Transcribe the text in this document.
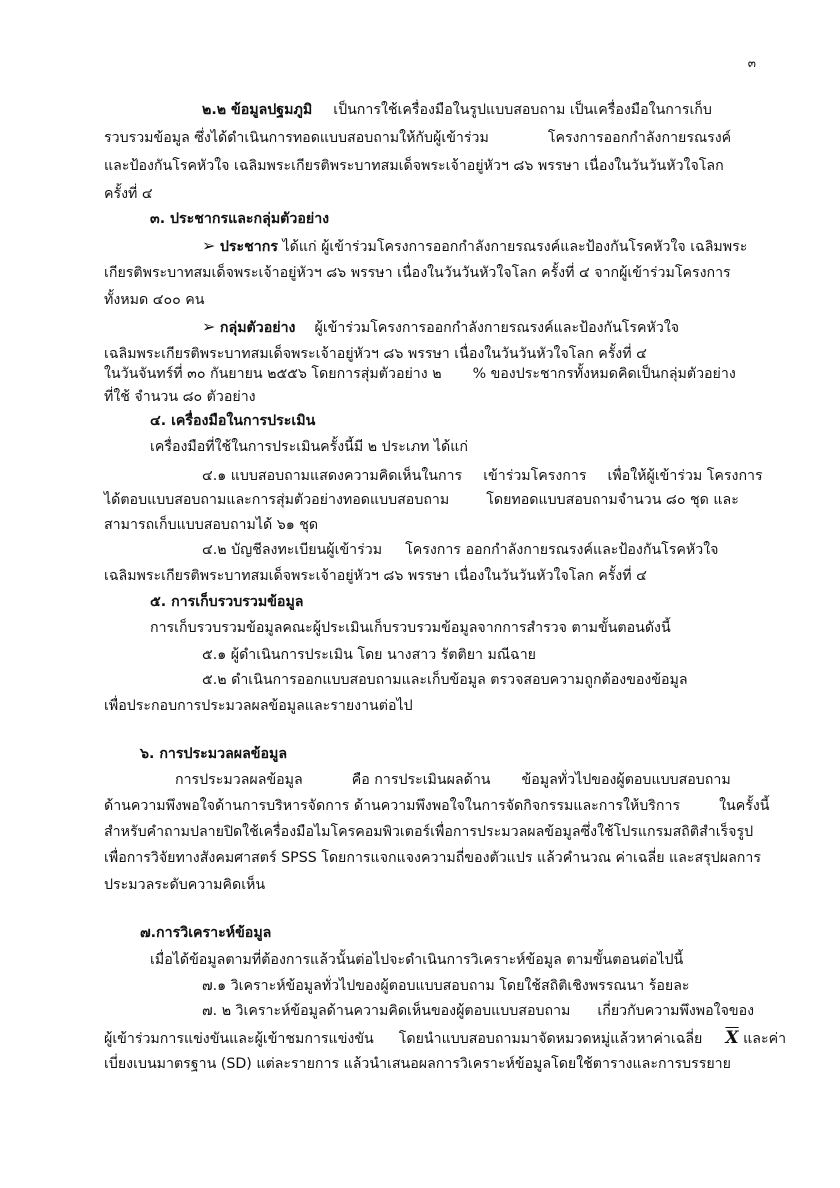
๓
๒.๒ ข้อมูลปฐมภูมิ เป็นการใช้เครื่องมือในรูปแบบสอบถาม เป็นเครื่องมือในการเก็บ
รวบรวมข้อมูล ซึ่งได้ดำเนินการทอดแบบสอบถามให้กับผู้เข้าร่วม	โครงการออกกำลังกายรณรงค์
และป้องกันโรคหัวใจ เฉลิมพระเกียรติพระบาทสมเด็จพระเจ้าอยู่หัวฯ ๘๖ พรรษา เนื่องในวันวันหัวใจโลก
ครั้งที่ ๔
๓. ประชากรและกลุ่มตัวอย่าง
➢ ประชากร ได้แก่ ผู้เข้าร่วมโครงการออกกำลังกายรณรงค์และป้องกันโรคหัวใจ เฉลิมพระ
เกียรติพระบาทสมเด็จพระเจ้าอยู่หัวฯ ๘๖ พรรษา เนื่องในวันวันหัวใจโลก ครั้งที่ ๔ จากผู้เข้าร่วมโครงการ
ทั้งหมด ๔๐๐ คน
➢ กลุ่มตัวอย่าง ผู้เข้าร่วมโครงการออกกำลังกายรณรงค์และป้องกันโรคหัวใจ
เฉลิมพระเกียรติพระบาทสมเด็จพระเจ้าอยู่หัวฯ ๘๖ พรรษา เนื่องในวันวันหัวใจโลก ครั้งที่ ๔
ในวันจันทร์ที่ ๓๐ กันยายน ๒๕๕๖ โดยการสุ่มตัวอย่าง ๒ % ของประชากรทั้งหมดคิดเป็นกลุ่มตัวอย่าง
ที่ใช้ จำนวน ๘๐ ตัวอย่าง
๔. เครื่องมือในการประเมิน
เครื่องมือที่ใช้ในการประเมินครั้งนี้มี ๒ ประเภท ได้แก่
๔.๑ แบบสอบถามแสดงความคิดเห็นในการ เข้าร่วมโครงการ เพื่อให้ผู้เข้าร่วม โครงการ
ได้ตอบแบบสอบถามและการสุ่มตัวอย่างทอดแบบสอบถาม	โดยทอดแบบสอบถามจำนวน ๘๐ ชุด และ
สามารถเก็บแบบสอบถามได้ ๖๑ ชุด
๔.๒ บัญชีลงทะเบียนผู้เข้าร่วม โครงการ ออกกำลังกายรณรงค์และป้องกันโรคหัวใจ
เฉลิมพระเกียรติพระบาทสมเด็จพระเจ้าอยู่หัวฯ ๘๖ พรรษา เนื่องในวันวันหัวใจโลก ครั้งที่ ๔
๕. การเก็บรวบรวมข้อมูล
การเก็บรวบรวมข้อมูลคณะผู้ประเมินเก็บรวบรวมข้อมูลจากการสำรวจ ตามขั้นตอนดังนี้
๕.๑ ผู้ดำเนินการประเมิน โดย นางสาว รัตติยา มณีฉาย
๕.๒ ดำเนินการออกแบบสอบถามและเก็บข้อมูล ตรวจสอบความถูกต้องของข้อมูล
เพื่อประกอบการประมวลผลข้อมูลและรายงานต่อไป
๖. การประมวลผลข้อมูล
การประมวลผลข้อมูล	คือ การประเมินผลด้าน ข้อมูลทั่วไปของผู้ตอบแบบสอบถาม
ด้านความพึงพอใจด้านการบริหารจัดการ ด้านความพึงพอใจในการจัดกิจกรรมและการให้บริการ	ในครั้งนี้
สำหรับคำถามปลายปิดใช้เครื่องมือไมโครคอมพิวเตอร์เพื่อการประมวลผลข้อมูลซึ่งใช้โปรแกรมสถิติสำเร็จรูป
เพื่อการวิจัยทางสังคมศาสตร์ SPSS โดยการแจกแจงความถี่ของตัวแปร แล้วคำนวณ ค่าเฉลี่ย และสรุปผลการ
ประมวลระดับความคิดเห็น
๗.การวิเคราะห์ข้อมูล
เมื่อได้ข้อมูลตามที่ต้องการแล้วนั้นต่อไปจะดำเนินการวิเคราะห์ข้อมูล ตามขั้นตอนต่อไปนี้
๗.๑ วิเคราะห์ข้อมูลทั่วไปของผู้ตอบแบบสอบถาม โดยใช้สถิติเชิงพรรณนา ร้อยละ
๗. ๒ วิเคราะห์ข้อมูลด้านความคิดเห็นของผู้ตอบแบบสอบถาม เกี่ยวกับความพึงพอใจของ
ผู้เข้าร่วมการแข่งขันและผู้เข้าชมการแข่งขัน โดยนำแบบสอบถามมาจัดหมวดหมู่แล้วหาค่าเฉลี่ย $\overline{X}$ และค่า
เบี่ยงเบนมาตรฐาน (SD) แต่ละรายการ แล้วนำเสนอผลการวิเคราะห์ข้อมูลโดยใช้ตารางและการบรรยาย
